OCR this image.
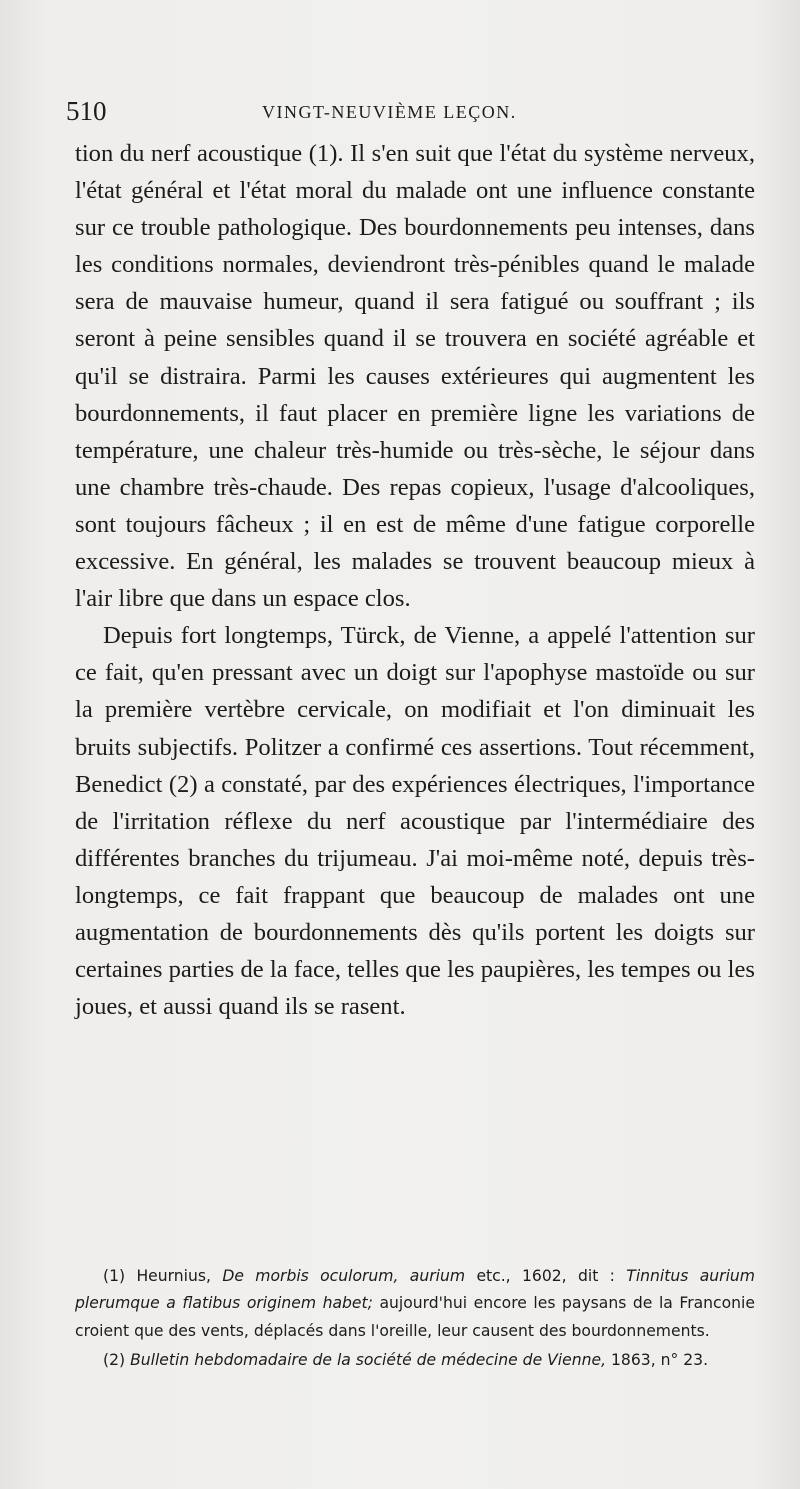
510	VINGT-NEUVIÈME LEÇON.

tion du nerf acoustique (1). Il s'en suit que l'état du système nerveux, l'état général et l'état moral du malade ont une influence constante sur ce trouble pathologique. Des bourdonnements peu intenses, dans les conditions normales, deviendront très-pénibles quand le malade sera de mauvaise humeur, quand il sera fatigué ou souffrant ; ils seront à peine sensibles quand il se trouvera en société agréable et qu'il se distraira. Parmi les causes extérieures qui augmentent les bourdonnements, il faut placer en première ligne les variations de température, une chaleur très-humide ou très-sèche, le séjour dans une chambre très-chaude. Des repas copieux, l'usage d'alcooliques, sont toujours fâcheux ; il en est de même d'une fatigue corporelle excessive. En général, les malades se trouvent beaucoup mieux à l'air libre que dans un espace clos.

Depuis fort longtemps, Türck, de Vienne, a appelé l'attention sur ce fait, qu'en pressant avec un doigt sur l'apophyse mastoïde ou sur la première vertèbre cervicale, on modifiait et l'on diminuait les bruits subjectifs. Politzer a confirmé ces assertions. Tout récemment, Benedict (2) a constaté, par des expériences électriques, l'importance de l'irritation réflexe du nerf acoustique par l'intermédiaire des différentes branches du trijumeau. J'ai moi-même noté, depuis très-longtemps, ce fait frappant que beaucoup de malades ont une augmentation de bourdonnements dès qu'ils portent les doigts sur certaines parties de la face, telles que les paupières, les tempes ou les joues, et aussi quand ils se rasent.

(1) Heurnius, De morbis oculorum, aurium etc., 1602, dit : Tinnitus aurium plerumque a flatibus originem habet; aujourd'hui encore les paysans de la Franconie croient que des vents, déplacés dans l'oreille, leur causent des bourdonnements.

(2) Bulletin hebdomadaire de la société de médecine de Vienne, 1863, n° 23.
